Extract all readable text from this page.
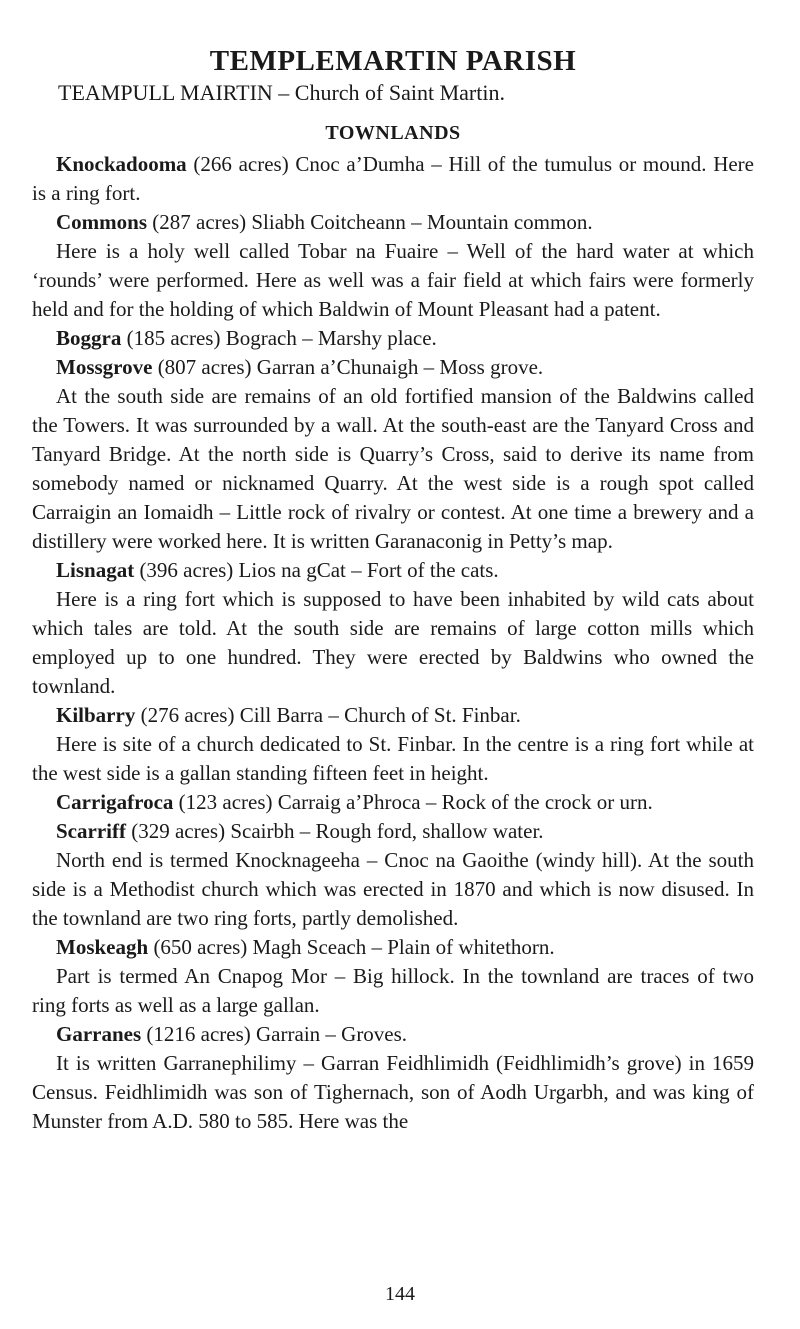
TEMPLEMARTIN PARISH
TEAMPULL MAIRTIN – Church of Saint Martin.
TOWNLANDS

Knockadooma (266 acres) Cnoc a’Dumha – Hill of the tumulus or mound. Here is a ring fort.

Commons (287 acres) Sliabh Coitcheann – Mountain common.

Here is a holy well called Tobar na Fuaire – Well of the hard water at which ‘rounds’ were performed. Here as well was a fair field at which fairs were formerly held and for the holding of which Baldwin of Mount Pleasant had a patent.

Boggra (185 acres) Bograch – Marshy place.

Mossgrove (807 acres) Garran a’Chunaigh – Moss grove.

At the south side are remains of an old fortified mansion of the Baldwins called the Towers. It was surrounded by a wall. At the south-east are the Tanyard Cross and Tanyard Bridge. At the north side is Quarry’s Cross, said to derive its name from somebody named or nicknamed Quarry. At the west side is a rough spot called Carraigin an Iomaidh – Little rock of rivalry or contest. At one time a brewery and a distillery were worked here. It is written Garanaconig in Petty’s map.

Lisnagat (396 acres) Lios na gCat – Fort of the cats.

Here is a ring fort which is supposed to have been inhabited by wild cats about which tales are told. At the south side are remains of large cotton mills which employed up to one hundred. They were erected by Baldwins who owned the townland.

Kilbarry (276 acres) Cill Barra – Church of St. Finbar.

Here is site of a church dedicated to St. Finbar. In the centre is a ring fort while at the west side is a gallan standing fifteen feet in height.

Carrigafroca (123 acres) Carraig a’Phroca – Rock of the crock or urn.

Scarriff (329 acres) Scairbh – Rough ford, shallow water.

North end is termed Knocknageeha – Cnoc na Gaoithe (windy hill). At the south side is a Methodist church which was erected in 1870 and which is now disused. In the townland are two ring forts, partly demolished.

Moskeagh (650 acres) Magh Sceach – Plain of whitethorn.

Part is termed An Cnapog Mor – Big hillock. In the townland are traces of two ring forts as well as a large gallan.

Garranes (1216 acres) Garrain – Groves.

It is written Garranephilimy – Garran Feidhlimidh (Feidhlimidh’s grove) in 1659 Census. Feidhlimidh was son of Tighernach, son of Aodh Urgarbh, and was king of Munster from A.D. 580 to 585. Here was the

144
